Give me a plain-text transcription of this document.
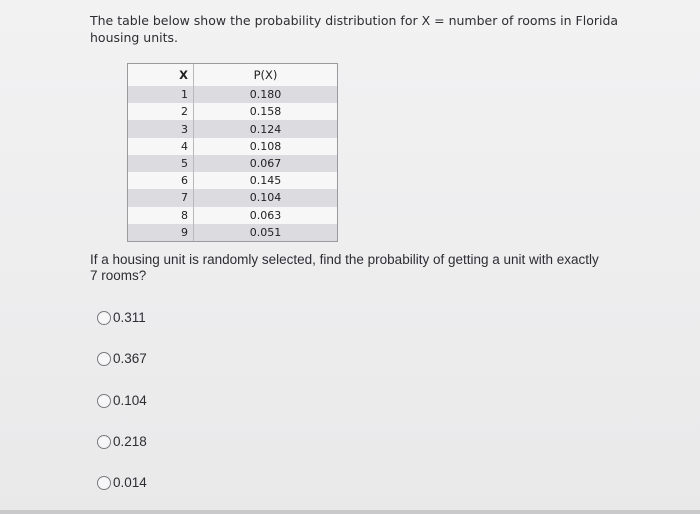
The table below show the probability distribution for X = number of rooms in Florida housing units.
X	P(X)
1	0.180
2	0.158
3	0.124
4	0.108
5	0.067
6	0.145
7	0.104
8	0.063
9	0.051
If a housing unit is randomly selected, find the probability of getting a unit with exactly 7 rooms?
0.311
0.367
0.104
0.218
0.014
